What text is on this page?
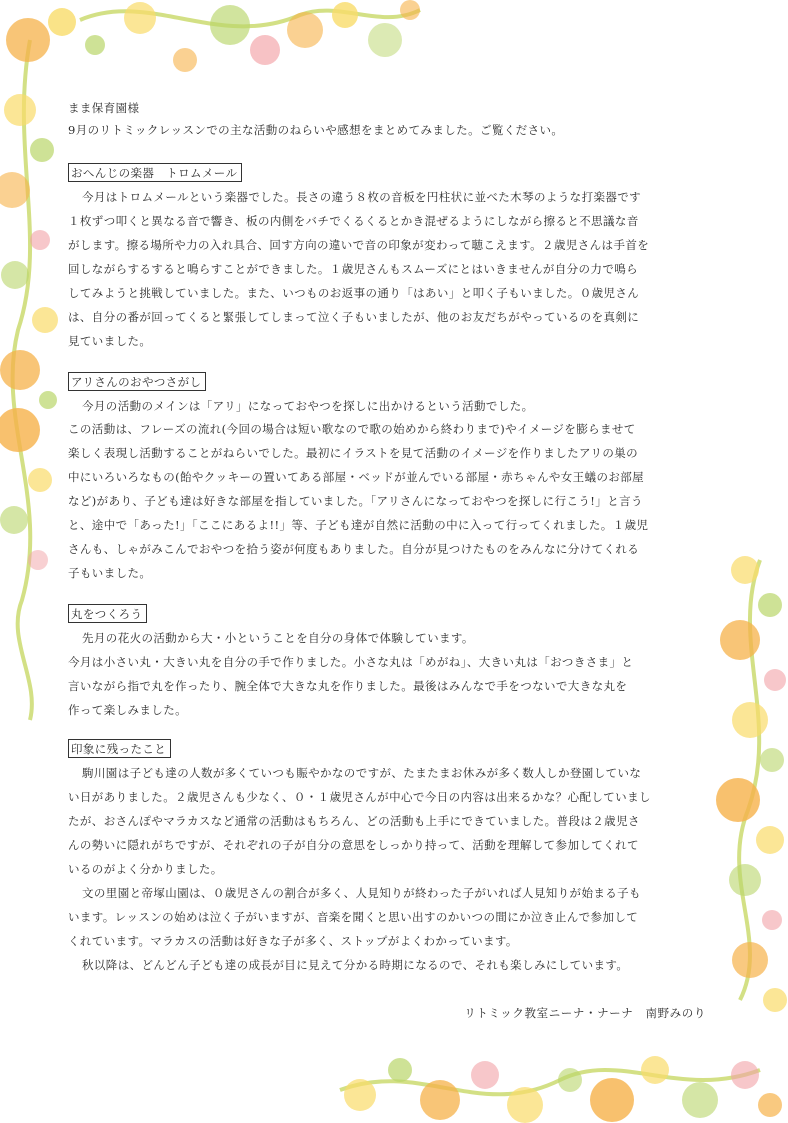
まま保育園様
9月のリトミックレッスンでの主な活動のねらいや感想をまとめてみました。ご覧ください。
おへんじの楽器　トロムメール
今月はトロムメールという楽器でした。長さの違う８枚の音板を円柱状に並べた木琴のような打楽器です
１枚ずつ叩くと異なる音で響き、板の内側をバチでくるくるとかき混ぜるようにしながら擦ると不思議な音
がします。擦る場所や力の入れ具合、回す方向の違いで音の印象が変わって聴こえます。２歳児さんは手首を
回しながらするすると鳴らすことができました。１歳児さんもスムーズにとはいきませんが自分の力で鳴ら
してみようと挑戦していました。また、いつものお返事の通り「はあい」と叩く子もいました。０歳児さん
は、自分の番が回ってくると緊張してしまって泣く子もいましたが、他のお友だちがやっているのを真剣に
見ていました。
アリさんのおやつさがし
今月の活動のメインは「アリ」になっておやつを探しに出かけるという活動でした。
この活動は、フレーズの流れ(今回の場合は短い歌なので歌の始めから終わりまで)やイメージを膨らませて
楽しく表現し活動することがねらいでした。最初にイラストを見て活動のイメージを作りましたアリの巣の
中にいろいろなもの(飴やクッキーの置いてある部屋・ベッドが並んでいる部屋・赤ちゃんや女王蟻のお部屋
など)があり、子ども達は好きな部屋を指していました。「アリさんになっておやつを探しに行こう!」と言う
と、途中で「あった!」「ここにあるよ!!」等、子ども達が自然に活動の中に入って行ってくれました。１歳児
さんも、しゃがみこんでおやつを拾う姿が何度もありました。自分が見つけたものをみんなに分けてくれる
子もいました。
丸をつくろう
先月の花火の活動から大・小ということを自分の身体で体験しています。
今月は小さい丸・大きい丸を自分の手で作りました。小さな丸は「めがね」、大きい丸は「おつきさま」と
言いながら指で丸を作ったり、腕全体で大きな丸を作りました。最後はみんなで手をつないで大きな丸を
作って楽しみました。
印象に残ったこと
駒川園は子ども達の人数が多くていつも賑やかなのですが、たまたまお休みが多く数人しか登園していな
い日がありました。２歳児さんも少なく、０・１歳児さんが中心で今日の内容は出来るかな？心配していまし
たが、おさんぽやマラカスなど通常の活動はもちろん、どの活動も上手にできていました。普段は２歳児さ
んの勢いに隠れがちですが、それぞれの子が自分の意思をしっかり持って、活動を理解して参加してくれて
いるのがよく分かりました。
文の里園と帝塚山園は、０歳児さんの割合が多く、人見知りが終わった子がいれば人見知りが始まる子も
います。レッスンの始めは泣く子がいますが、音楽を聞くと思い出すのかいつの間にか泣き止んで参加して
くれています。マラカスの活動は好きな子が多く、ストップがよくわかっています。
秋以降は、どんどん子ども達の成長が目に見えて分かる時期になるので、それも楽しみにしています。
リトミック教室ニーナ・ナーナ　南野みのり
